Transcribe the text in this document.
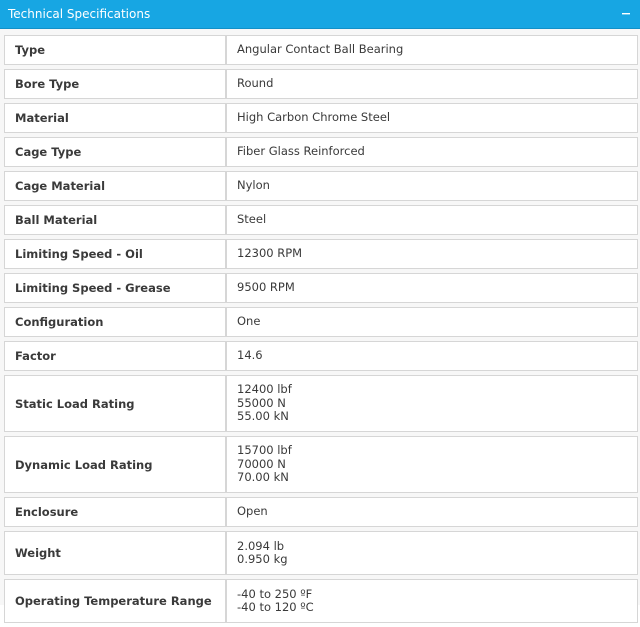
Technical Specifications
Type	Angular Contact Ball Bearing

Bore Type	Round

Material	High Carbon Chrome Steel

Cage Type	Fiber Glass Reinforced

Cage Material	Nylon

Ball Material	Steel

Limiting Speed - Oil	12300 RPM

Limiting Speed - Grease	9500 RPM

Configuration	One

Factor	14.6

Static Load Rating	12400 lbf
55000 N
55.00 kN

Dynamic Load Rating	15700 lbf
70000 N
70.00 kN

Enclosure	Open

Weight	2.094 lb
0.950 kg

Operating Temperature Range	-40 to 250 ºF
-40 to 120 ºC
